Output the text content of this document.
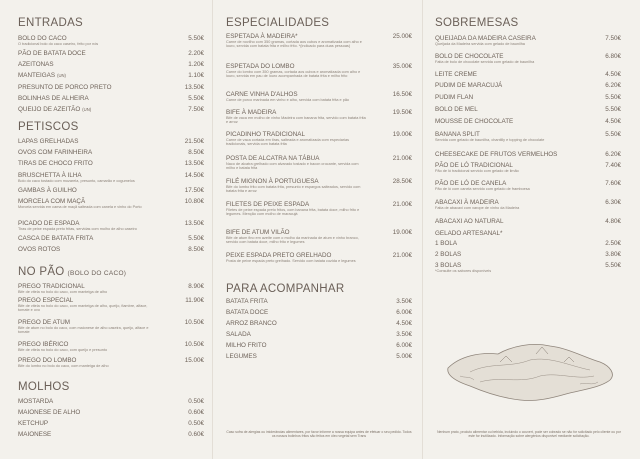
ENTRADAS
BOLO DO CACO	5.50€
O tradicional bolo do caco caseiro, feito por nós
PÃO DE BATATA DOCE	2.20€
AZEITONAS	1.20€
MANTEIGAS (UN)	1.10€
PRESUNTO DE PORCO PRETO	13.50€
BOLINHAS DE ALHEIRA	5.50€
QUEIJO DE AZEITÃO (UN)	7.50€
PETISCOS
LAPAS GRELHADAS	21.50€
OVOS COM FARINHEIRA	8.50€
TIRAS DE CHOCO FRITO	13.50€
BRUSCHETTA À ILHA	14.50€
Bolo do caco tostado com mozarela, presunto, camarão e cogumelos
GAMBAS À GUILHO	17.50€
MORCELA COM MAÇÃ	10.80€
Morcela servida em cama de maçã salteada com canela e vinho do Porto
PICADO DE ESPADA	13.50€
Tiras de peixe espada preto fritas, servidas com molho de alho caseiro
CASCA DE BATATA FRITA	5.50€
OVOS ROTOS	8.50€
NO PÃO (BOLO DO CACO)
PREGO TRADICIONAL	8.90€
Bife de vitela no bolo do caco, com manteiga de alho
PREGO ESPECIAL	11.90€
Bife de vitela no bolo do caco, com manteiga de alho, queijo, fiambre, alface, tomate e ovo
PREGO DE ATUM	10.50€
Bife de atum no bolo do caco, com maionese de alho caseira, queijo, alface e tomate
PREGO IBÉRICO	10.50€
Bife de vitela no bolo do caco, com queijo e presunto
PREGO DO LOMBO	15.00€
Bife do lombo no bolo do caco, com manteiga de alho
MOLHOS
MOSTARDA	0.50€
MAIONESE DE ALHO	0.60€
KETCHUP	0.50€
MAIONESE	0.60€
ESPECIALIDADES
ESPETADA À MADEIRA*	25.00€
Carne de novilho com 350 gramas, cortada aos cubos e aromatizada com alho e louro, servida com batata frita e milho frito. *(indicado para duas pessoas)
ESPETADA DO LOMBO	35.00€
Carne do lombo com 350 gramas, cortada aos cubos e aromatizada com alho e louro, servida em pau de louro acompanhada de batata frita e milho frito
CARNE VINHA D'ALHOS	16.50€
Carne de porco marinada em vinho e alho, servida com batata frita e pão
BIFE À MADEIRA	19.50€
Bife de vaca em molho de vinho Madeira com banana frita, servido com batata frita e arroz
PICADINHO TRADICIONAL	19.00€
Carne de vaca cortada em tiras, salteada e aromatizada com especiarias tradicionais, servida com batata frita
POSTA DE ALCATRA NA TÁBUA	21.00€
Naco de alcatra grelhado com alvarado tostado e bacon crocante, servida com milho e batata frita
FILÉ MIGNON À PORTUGUESA	28.50€
Bife do lombo frito com batata frita, presunto e espargos salteados, servido com batata frita e arroz
FILETES DE PEIXE ESPADA	21.00€
Filetes de peixe espada preto fritos, com banana frita, batata doce, milho frito e legumes. Menção com molho de maracujá
BIFE DE ATUM VILÃO	19.00€
Bife de atum fino em azeite com o molho da marinada de atum e vinho branco, servido com batata doce, milho frito e legumes
PEIXE ESPADA PRETO GRELHADO	21.00€
Posta de peixe espada preto grelhado. Servido com batata cozida e legumes
PARA ACOMPANHAR
BATATA FRITA	3.50€
BATATA DOCE	6.00€
ARROZ BRANCO	4.50€
SALADA	3.50€
MILHO FRITO	6.00€
LEGUMES	5.00€
SOBREMESAS
QUEIJADA DA MADEIRA CASEIRA	7.50€
Queijada da Madeira servida com gelado de baunilha
BOLO DE CHOCOLATE	6.80€
Fatia de bolo de chocolate servida com gelado de baunilha
LEITE CREME	4.50€
PUDIM DE MARACUJÁ	6.20€
PUDIM FLAN	5.50€
BOLO DE MEL	5.50€
MOUSSE DE CHOCOLATE	4.50€
BANANA SPLIT	5.50€
Servida com gelado de baunilha, chantilly e topping de chocolate
CHEESECAKE DE FRUTOS VERMELHOS	6.20€
PÃO DE LÓ TRADICIONAL	7.40€
Pão de ló tradicional servido com gelado de limão
PÃO DE LÓ DE CANELA	7.60€
Pão de ló com canela servido com gelado de framboesa
ABACAXI À MADEIRA	6.30€
Fatia de abacaxi com xarope de vinho da Madeira
ABACAXI AO NATURAL	4.80€
GELADO ARTESANAL*
1 BOLA	2.50€
2 BOLAS	3.80€
3 BOLAS	5.50€
*Consulte os sabores disponíveis
Caso sofra de alergias ou intolerâncias alimentares, por favor informe a nossa equipa antes de efetuar o seu pedido. Todos os nossos bolinhos fritos são feitos em óleo vegetal sem Trans
Nenhum prato, produto alimentar ou bebida, incluindo o couvert, pode ser cobrado se não for solicitado pelo cliente ou por este for inutilizado. Informação sobre alergénios disponível mediante solicitação.
